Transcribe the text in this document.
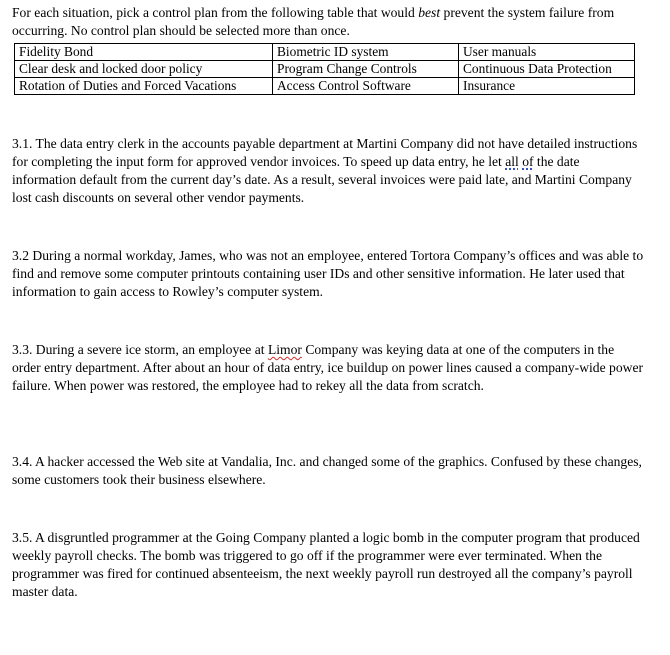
For each situation, pick a control plan from the following table that would best prevent the system failure from occurring. No control plan should be selected more than once.

Fidelity Bond	Biometric ID system	User manuals
Clear desk and locked door policy	Program Change Controls	Continuous Data Protection
Rotation of Duties and Forced Vacations	Access Control Software	Insurance

3.1. The data entry clerk in the accounts payable department at Martini Company did not have detailed instructions for completing the input form for approved vendor invoices. To speed up data entry, he let all of the date information default from the current day’s date. As a result, several invoices were paid late, and Martini Company lost cash discounts on several other vendor payments.

3.2 During a normal workday, James, who was not an employee, entered Tortora Company’s offices and was able to find and remove some computer printouts containing user IDs and other sensitive information. He later used that information to gain access to Rowley’s computer system.

3.3. During a severe ice storm, an employee at Limor Company was keying data at one of the computers in the order entry department. After about an hour of data entry, ice buildup on power lines caused a company-wide power failure. When power was restored, the employee had to rekey all the data from scratch.

3.4. A hacker accessed the Web site at Vandalia, Inc. and changed some of the graphics. Confused by these changes, some customers took their business elsewhere.

3.5. A disgruntled programmer at the Going Company planted a logic bomb in the computer program that produced weekly payroll checks. The bomb was triggered to go off if the programmer were ever terminated. When the programmer was fired for continued absenteeism, the next weekly payroll run destroyed all the company’s payroll master data.
